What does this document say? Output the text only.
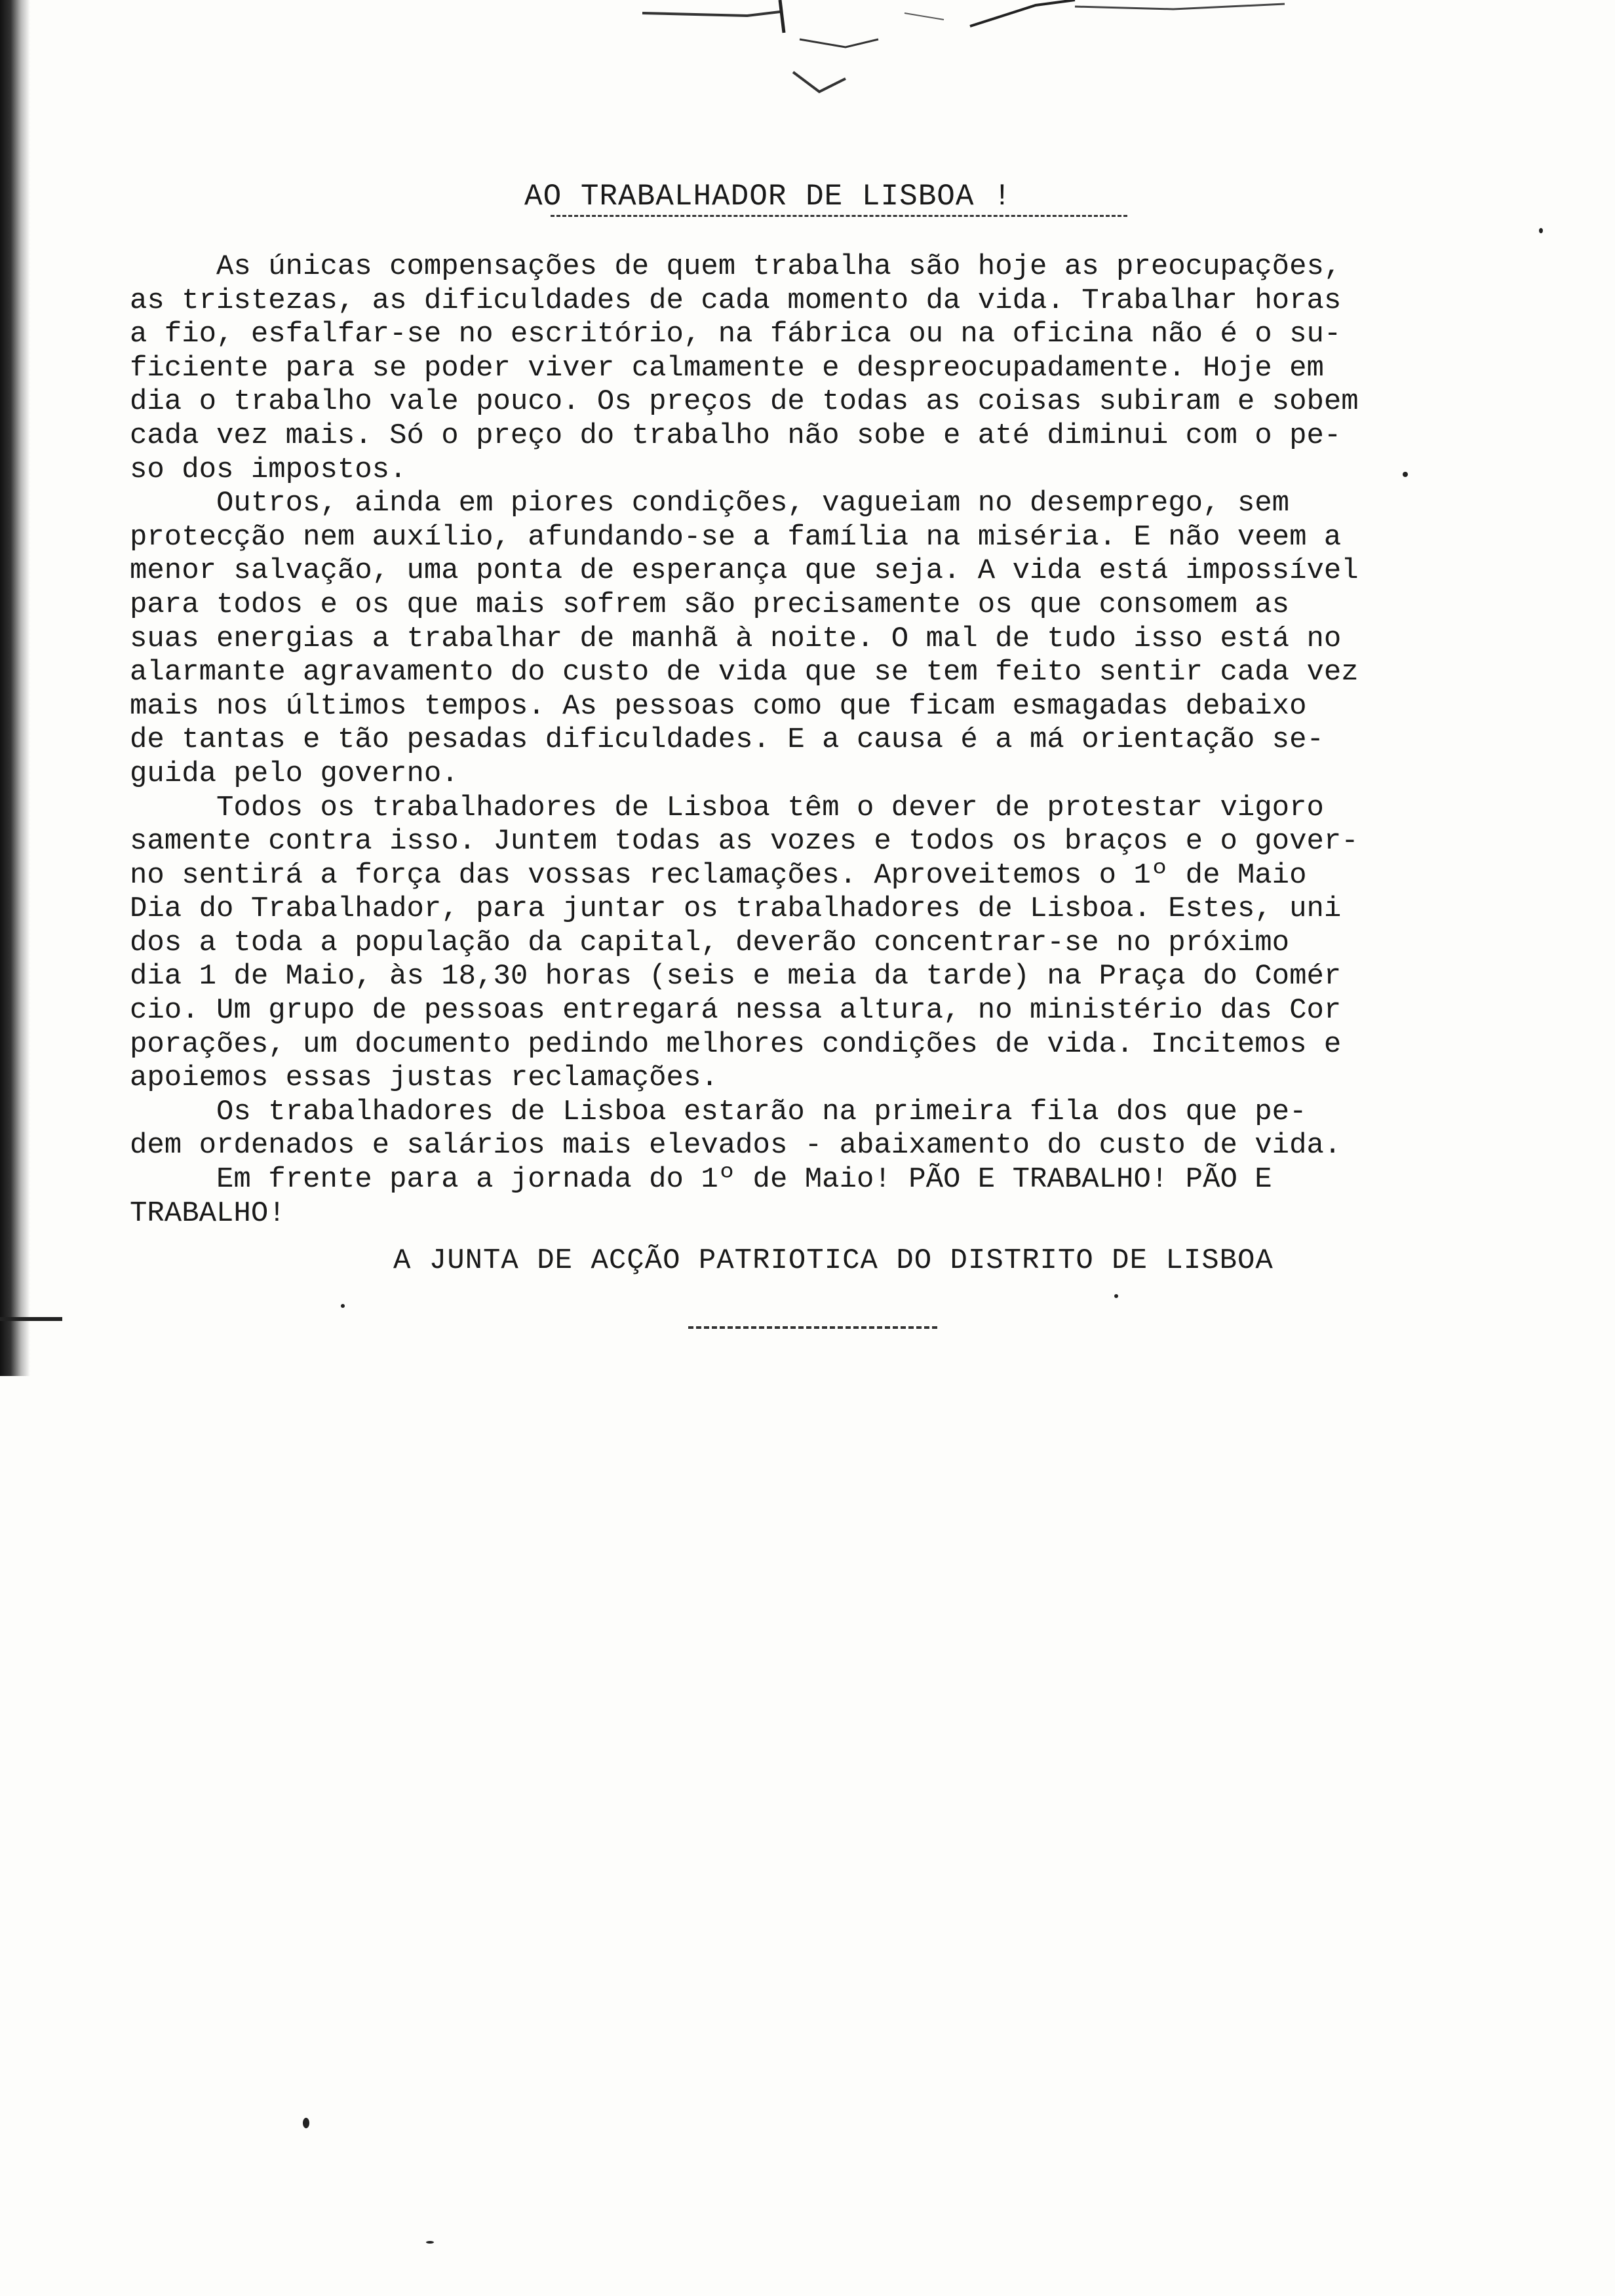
AO TRABALHADOR DE LISBOA !
As únicas compensações de quem trabalha são hoje as preocupações,
as tristezas, as dificuldades de cada momento da vida. Trabalhar horas
a fio, esfalfar-se no escritório, na fábrica ou na oficina não é o su-
ficiente para se poder viver calmamente e despreocupadamente. Hoje em
dia o trabalho vale pouco. Os preços de todas as coisas subiram e sobem
cada vez mais. Só o preço do trabalho não sobe e até diminui com o pe-
so dos impostos.
Outros, ainda em piores condições, vagueiam no desemprego, sem
protecção nem auxílio, afundando-se a família na miséria. E não veem a
menor salvação, uma ponta de esperança que seja. A vida está impossível
para todos e os que mais sofrem são precisamente os que consomem as
suas energias a trabalhar de manhã à noite. O mal de tudo isso está no
alarmante agravamento do custo de vida que se tem feito sentir cada vez
mais nos últimos tempos. As pessoas como que ficam esmagadas debaixo
de tantas e tão pesadas dificuldades. E a causa é a má orientação se-
guida pelo governo.
Todos os trabalhadores de Lisboa têm o dever de protestar vigoro
samente contra isso. Juntem todas as vozes e todos os braços e o gover-
no sentirá a força das vossas reclamações. Aproveitemos o 1º de Maio
Dia do Trabalhador, para juntar os trabalhadores de Lisboa. Estes, uni
dos a toda a população da capital, deverão concentrar-se no próximo
dia 1 de Maio, às 18,30 horas (seis e meia da tarde) na Praça do Comér
cio. Um grupo de pessoas entregará nessa altura, no ministério das Cor
porações, um documento pedindo melhores condições de vida. Incitemos e
apoiemos essas justas reclamações.
Os trabalhadores de Lisboa estarão na primeira fila dos que pe-
dem ordenados e salários mais elevados - abaixamento do custo de vida.
Em frente para a jornada do 1º de Maio! PÃO E TRABALHO! PÃO E
TRABALHO!
A JUNTA DE ACÇÃO PATRIOTICA DO DISTRITO DE LISBOA
